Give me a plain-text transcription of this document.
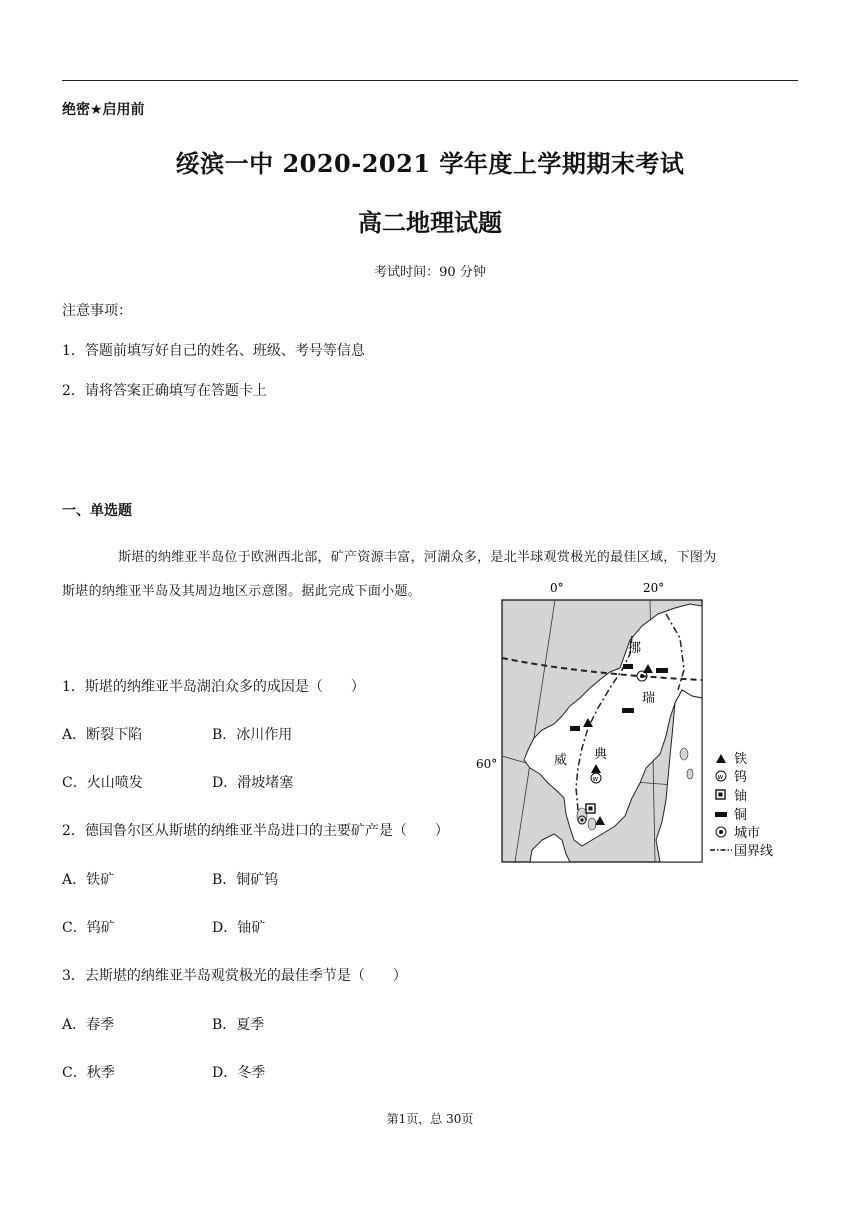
绝密★启用前
绥滨一中 2020-2021 学年度上学期期末考试
高二地理试题
考试时间：90 分钟
注意事项：
1．答题前填写好自己的姓名、班级、考号等信息
2．请将答案正确填写在答题卡上
一、单选题
斯堪的纳维亚半岛位于欧洲西北部，矿产资源丰富，河湖众多，是北半球观赏极光的最佳区域，下图为
斯堪的纳维亚半岛及其周边地区示意图。据此完成下面小题。
1．斯堪的纳维亚半岛湖泊众多的成因是（　　）
A．断裂下陷	B．冰川作用
C．火山喷发	D．滑坡堵塞
2．德国鲁尔区从斯堪的纳维亚半岛进口的主要矿产是（　　）
A．铁矿	B．铜矿钨
C．钨矿	D．铀矿
3．去斯堪的纳维亚半岛观赏极光的最佳季节是（　　）
A．春季	B．夏季
C．秋季	D．冬季
0°	20°
60°
挪
瑞
威 典
w
铁
w 钨
铀
铜
城市
国界线
第1页，总 30页
